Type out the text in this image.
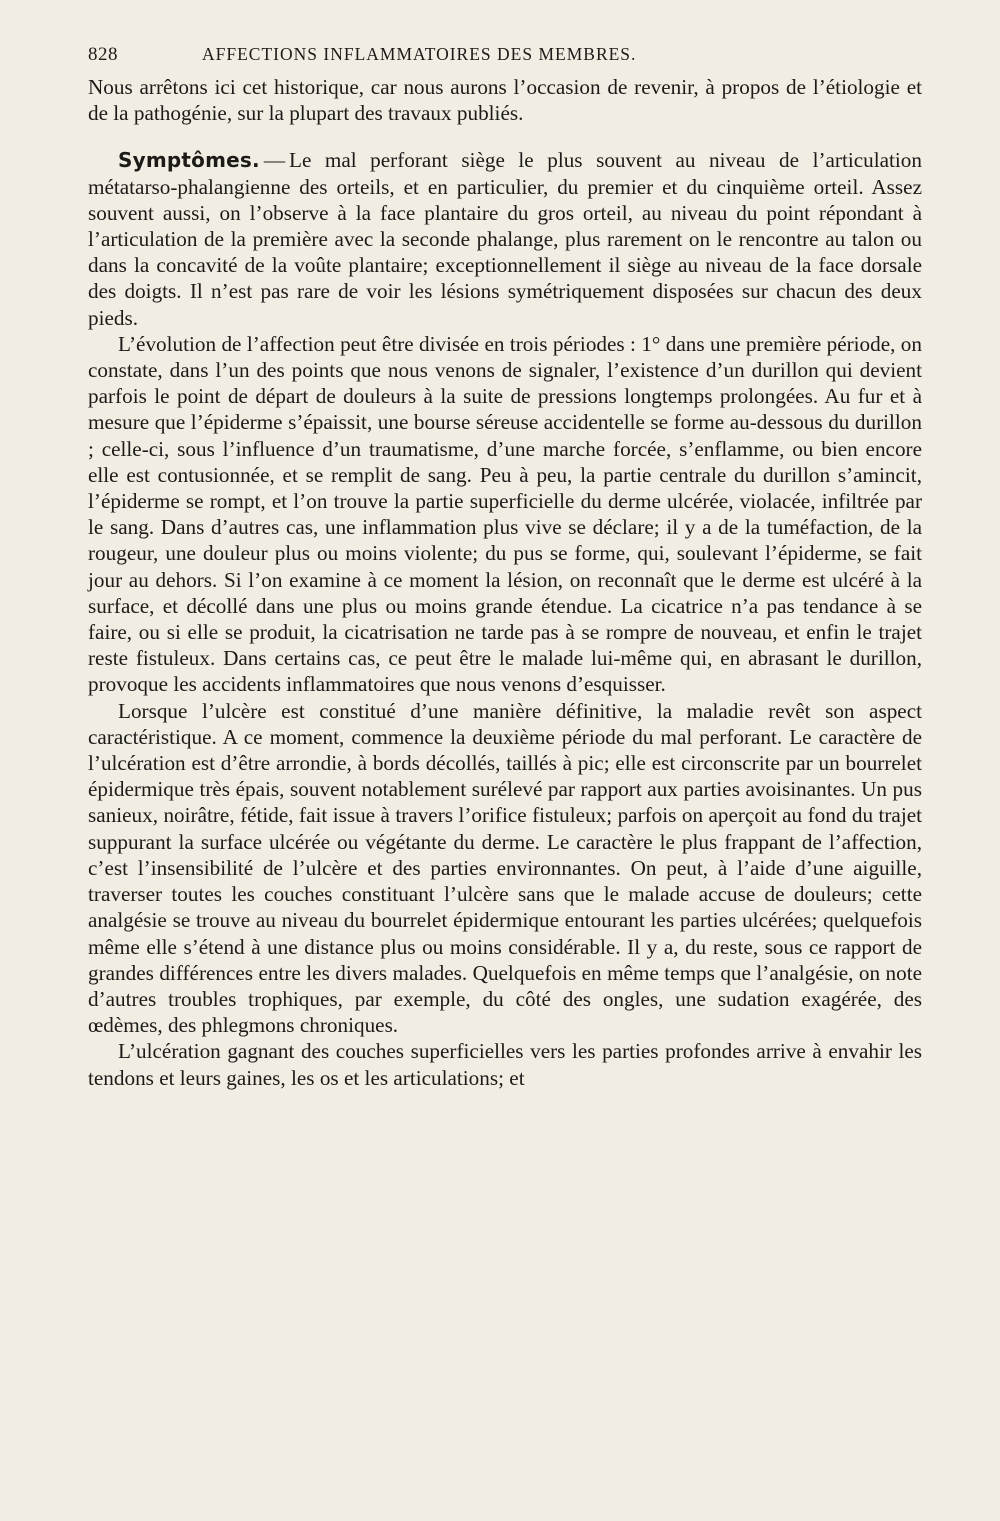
828	AFFECTIONS INFLAMMATOIRES DES MEMBRES.

Nous arrêtons ici cet historique, car nous aurons l’occasion de revenir, à propos de l’étiologie et de la pathogénie, sur la plupart des travaux publiés.

Symptômes. — Le mal perforant siège le plus souvent au niveau de l’articulation métatarso-phalangienne des orteils, et en particulier, du premier et du cinquième orteil. Assez souvent aussi, on l’observe à la face plantaire du gros orteil, au niveau du point répondant à l’articulation de la première avec la seconde phalange, plus rarement on le rencontre au talon ou dans la concavité de la voûte plantaire; exceptionnellement il siège au niveau de la face dorsale des doigts. Il n’est pas rare de voir les lésions symétriquement disposées sur chacun des deux pieds.

L’évolution de l’affection peut être divisée en trois périodes : 1° dans une première période, on constate, dans l’un des points que nous venons de signaler, l’existence d’un durillon qui devient parfois le point de départ de douleurs à la suite de pressions longtemps prolongées. Au fur et à mesure que l’épiderme s’épaissit, une bourse séreuse accidentelle se forme au-dessous du durillon ; celle-ci, sous l’influence d’un traumatisme, d’une marche forcée, s’enflamme, ou bien encore elle est contusionnée, et se remplit de sang. Peu à peu, la partie centrale du durillon s’amincit, l’épiderme se rompt, et l’on trouve la partie superficielle du derme ulcérée, violacée, infiltrée par le sang. Dans d’autres cas, une inflammation plus vive se déclare; il y a de la tuméfaction, de la rougeur, une douleur plus ou moins violente; du pus se forme, qui, soulevant l’épiderme, se fait jour au dehors. Si l’on examine à ce moment la lésion, on reconnaît que le derme est ulcéré à la surface, et décollé dans une plus ou moins grande étendue. La cicatrice n’a pas tendance à se faire, ou si elle se produit, la cicatrisation ne tarde pas à se rompre de nouveau, et enfin le trajet reste fistuleux. Dans certains cas, ce peut être le malade lui-même qui, en abrasant le durillon, provoque les accidents inflammatoires que nous venons d’esquisser.

Lorsque l’ulcère est constitué d’une manière définitive, la maladie revêt son aspect caractéristique. A ce moment, commence la deuxième période du mal perforant. Le caractère de l’ulcération est d’être arrondie, à bords décollés, taillés à pic; elle est circonscrite par un bourrelet épidermique très épais, souvent notablement surélevé par rapport aux parties avoisinantes. Un pus sanieux, noirâtre, fétide, fait issue à travers l’orifice fistuleux; parfois on aperçoit au fond du trajet suppurant la surface ulcérée ou végétante du derme. Le caractère le plus frappant de l’affection, c’est l’insensibilité de l’ulcère et des parties environnantes. On peut, à l’aide d’une aiguille, traverser toutes les couches constituant l’ulcère sans que le malade accuse de douleurs; cette analgésie se trouve au niveau du bourrelet épidermique entourant les parties ulcérées; quelquefois même elle s’étend à une distance plus ou moins considérable. Il y a, du reste, sous ce rapport de grandes différences entre les divers malades. Quelquefois en même temps que l’analgésie, on note d’autres troubles trophiques, par exemple, du côté des ongles, une sudation exagérée, des œdèmes, des phlegmons chroniques.

L’ulcération gagnant des couches superficielles vers les parties profondes arrive à envahir les tendons et leurs gaines, les os et les articulations; et
